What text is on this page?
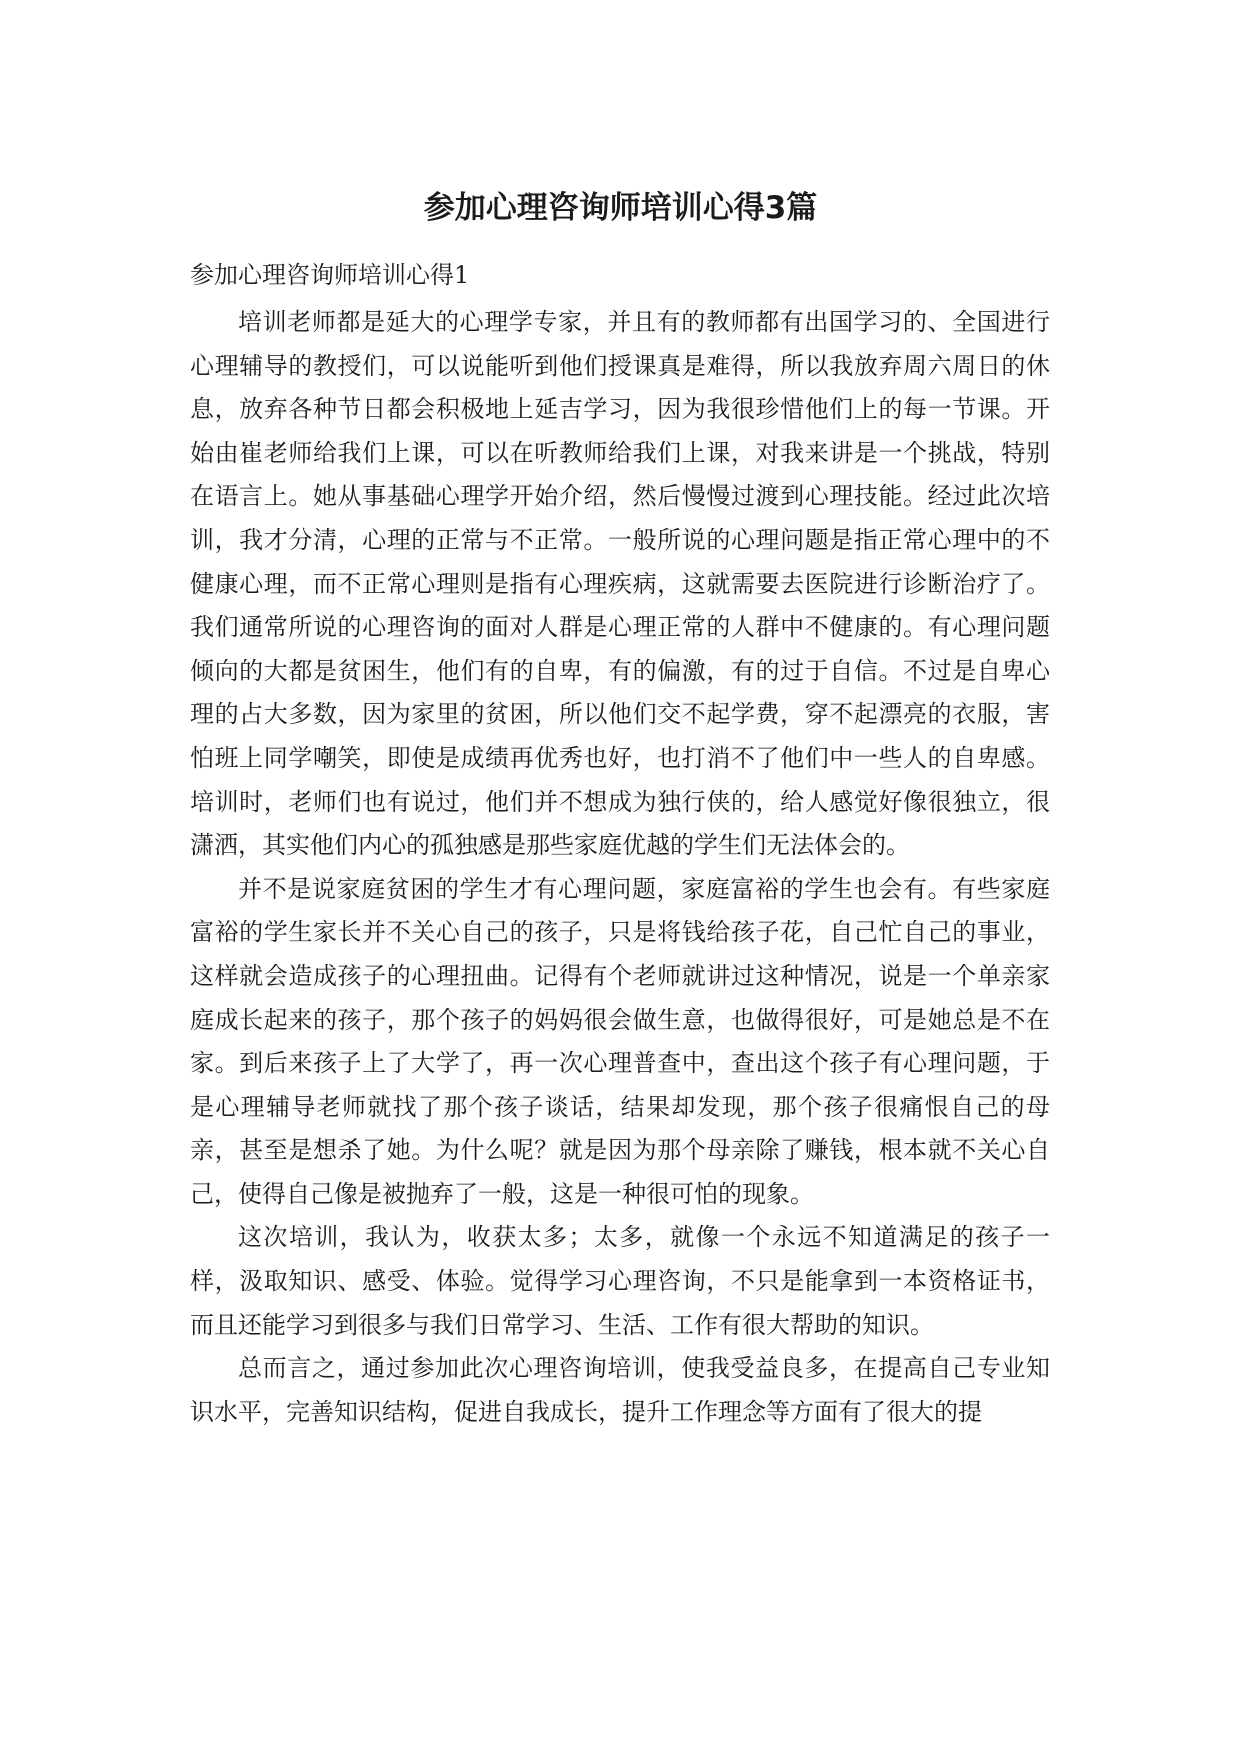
参加心理咨询师培训心得3篇

参加心理咨询师培训心得1

培训老师都是延大的心理学专家，并且有的教师都有出国学习的、全国进行心理辅导的教授们，可以说能听到他们授课真是难得，所以我放弃周六周日的休息，放弃各种节日都会积极地上延吉学习，因为我很珍惜他们上的每一节课。开始由崔老师给我们上课，可以在听教师给我们上课，对我来讲是一个挑战，特别在语言上。她从事基础心理学开始介绍，然后慢慢过渡到心理技能。经过此次培训，我才分清，心理的正常与不正常。一般所说的心理问题是指正常心理中的不健康心理，而不正常心理则是指有心理疾病，这就需要去医院进行诊断治疗了。我们通常所说的心理咨询的面对人群是心理正常的人群中不健康的。有心理问题倾向的大都是贫困生，他们有的自卑，有的偏激，有的过于自信。不过是自卑心理的占大多数，因为家里的贫困，所以他们交不起学费，穿不起漂亮的衣服，害怕班上同学嘲笑，即使是成绩再优秀也好，也打消不了他们中一些人的自卑感。培训时，老师们也有说过，他们并不想成为独行侠的，给人感觉好像很独立，很潇洒，其实他们内心的孤独感是那些家庭优越的学生们无法体会的。

并不是说家庭贫困的学生才有心理问题，家庭富裕的学生也会有。有些家庭富裕的学生家长并不关心自己的孩子，只是将钱给孩子花，自己忙自己的事业，这样就会造成孩子的心理扭曲。记得有个老师就讲过这种情况，说是一个单亲家庭成长起来的孩子，那个孩子的妈妈很会做生意，也做得很好，可是她总是不在家。到后来孩子上了大学了，再一次心理普查中，查出这个孩子有心理问题，于是心理辅导老师就找了那个孩子谈话，结果却发现，那个孩子很痛恨自己的母亲，甚至是想杀了她。为什么呢？就是因为那个母亲除了赚钱，根本就不关心自己，使得自己像是被抛弃了一般，这是一种很可怕的现象。

这次培训，我认为，收获太多；太多，就像一个永远不知道满足的孩子一样，汲取知识、感受、体验。觉得学习心理咨询，不只是能拿到一本资格证书，而且还能学习到很多与我们日常学习、生活、工作有很大帮助的知识。

总而言之，通过参加此次心理咨询培训，使我受益良多，在提高自己专业知识水平，完善知识结构，促进自我成长，提升工作理念等方面有了很大的提
